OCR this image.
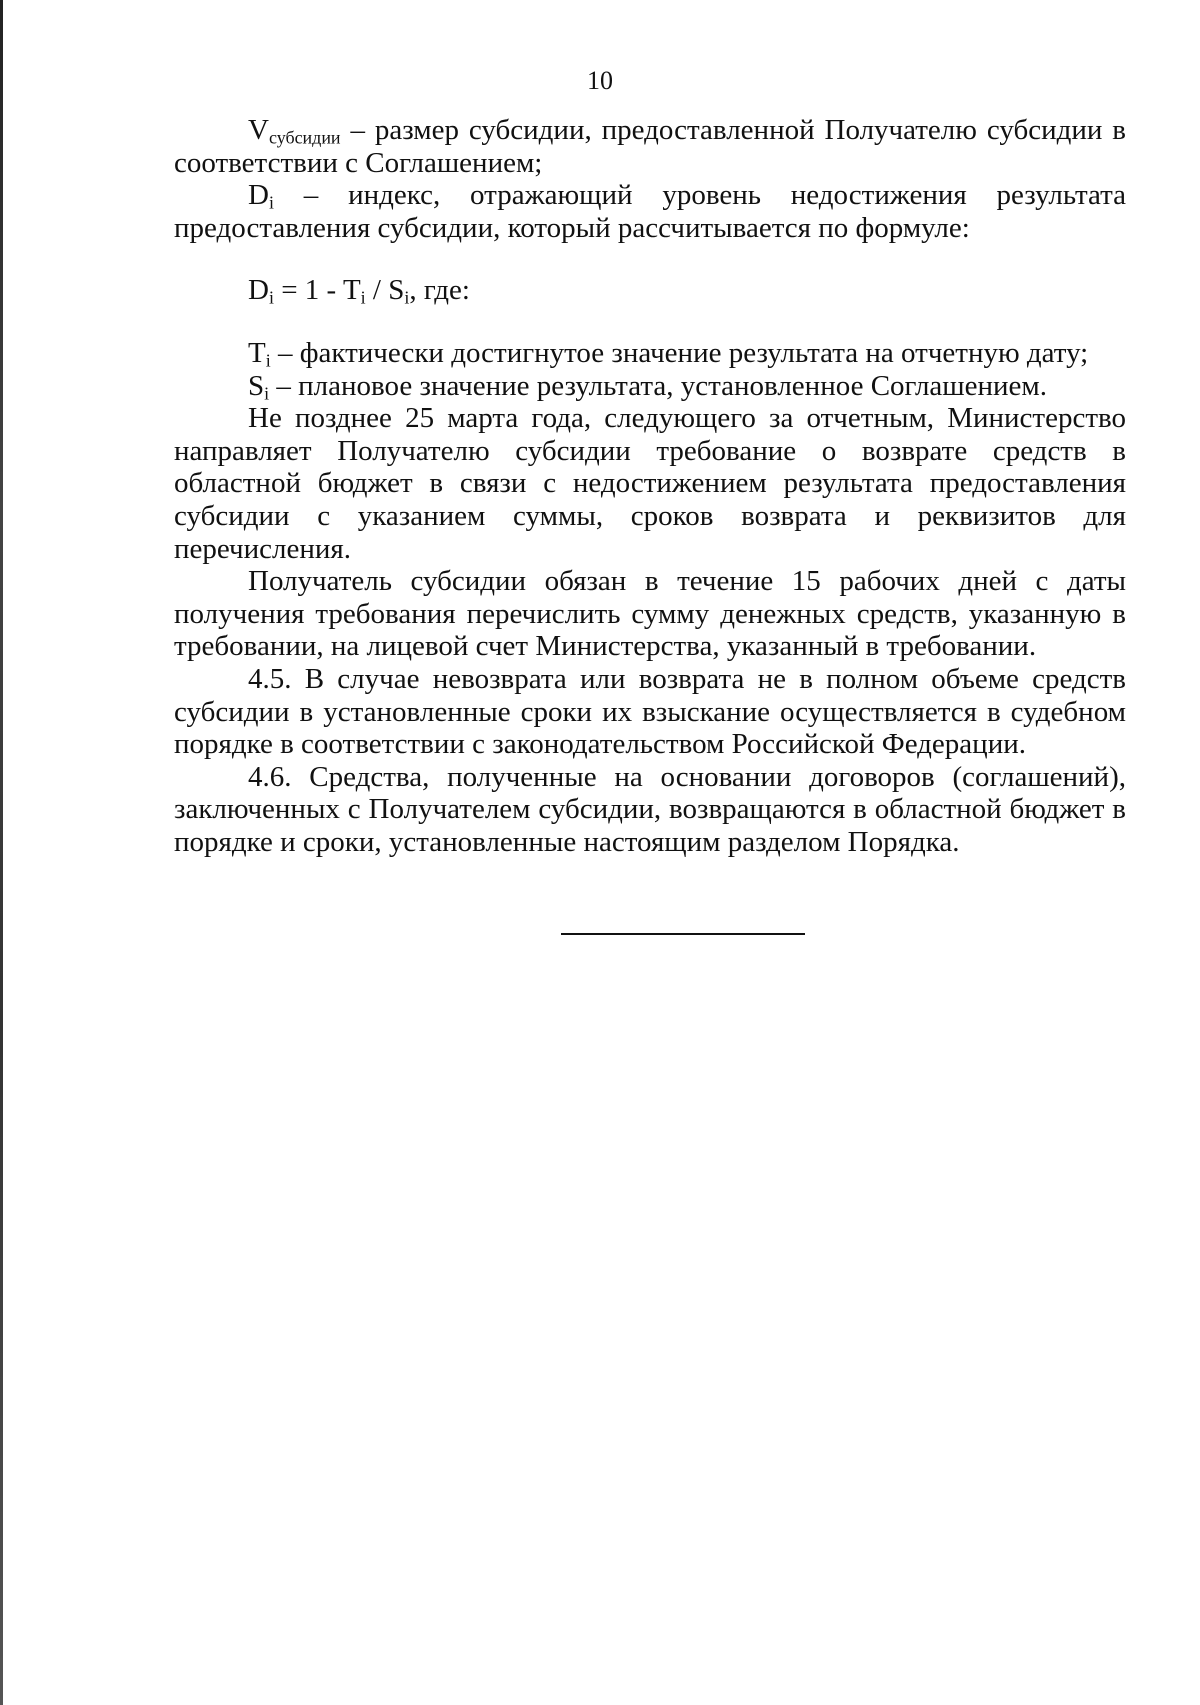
10

$V_{субсидии}$ – размер субсидии, предоставленной Получателю субсидии в соответствии с Соглашением;

$D_i$ – индекс, отражающий уровень недостижения результата предоставления субсидии, который рассчитывается по формуле:

$D_i = 1 - T_i / S_i$, где:

$T_i$ – фактически достигнутое значение результата на отчетную дату;

$S_i$ – плановое значение результата, установленное Соглашением.

Не позднее 25 марта года, следующего за отчетным, Министерство направляет Получателю субсидии требование о возврате средств в областной бюджет в связи с недостижением результата предоставления субсидии с указанием суммы, сроков возврата и реквизитов для перечисления.

Получатель субсидии обязан в течение 15 рабочих дней с даты получения требования перечислить сумму денежных средств, указанную в требовании, на лицевой счет Министерства, указанный в требовании.

4.5. В случае невозврата или возврата не в полном объеме средств субсидии в установленные сроки их взыскание осуществляется в судебном порядке в соответствии с законодательством Российской Федерации.

4.6. Средства, полученные на основании договоров (соглашений), заключенных с Получателем субсидии, возвращаются в областной бюджет в порядке и сроки, установленные настоящим разделом Порядка.
